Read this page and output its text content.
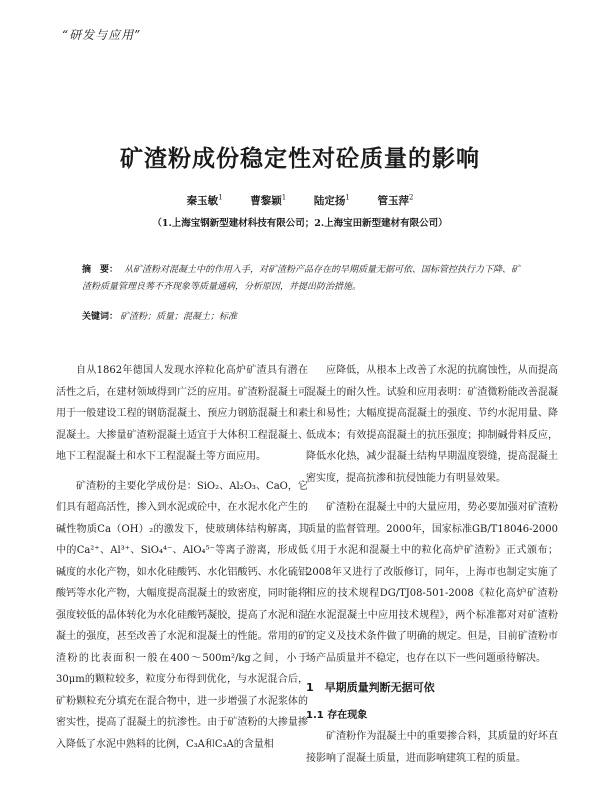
“研发与应用”
矿渣粉成份稳定性对砼质量的影响
秦玉敏$^1$	曹黎颖$^1$	陆定扬$^1$	管玉萍$^2$
（1.上海宝钢新型建材科技有限公司；2.上海宝田新型建材有限公司）
摘　要： 从矿渣粉对混凝土中的作用入手，对矿渣粉产品存在的早期质量无据可依、国标管控执行力下降、矿渣粉质量管理良莠不齐现象等质量通病，分析原因，并提出防治措施。
关键词： 矿渣粉；质量；混凝土；标准

自从1862年德国人发现水淬粒化高炉矿渣具有潜在活性之后，在建材领域得到广泛的应用。矿渣粉混凝土可用于一般建设工程的钢筋混凝土、预应力钢筋混凝土和素混凝土。大掺量矿渣粉混凝土适宜于大体积工程混凝土、地下工程混凝土和水下工程混凝土等方面应用。

矿渣粉的主要化学成份是：SiO₂、Al₂O₃、CaO，它们具有超高活性，掺入到水泥或砼中，在水泥水化产生的碱性物质Ca（OH）₂的激发下，使玻璃体结构解离，其中的Ca²⁺、Al³⁺、SiO₄⁴⁻、AlO₄⁵⁻等离子游离，形成低碱度的水化产物，如水化硅酸钙、水化铝酸钙、水化硫铝酸钙等水化产物，大幅度提高混凝土的致密度，同时能将强度较低的晶体转化为水化硅酸钙凝胶，提高了水泥和混凝土的强度，甚至改善了水泥和混凝土的性能。常用的矿渣粉的比表面积一般在400～500m²/kg之间，小于30μm的颗粒较多，粒度分布得到优化，与水泥混合后，矿粉颗粒充分填充在混合物中，进一步增强了水泥浆体的密实性，提高了混凝土的抗渗性。由于矿渣粉的大掺量掺入降低了水泥中熟料的比例，C₃A和C₃A的含量相

应降低，从根本上改善了水泥的抗腐蚀性，从而提高混凝土的耐久性。试验和应用表明：矿渣微粉能改善混凝土和易性；大幅度提高混凝土的强度、节约水泥用量、降低成本；有效提高混凝土的抗压强度；抑制碱骨料反应，降低水化热，减少混凝土结构早期温度裂缝，提高混凝土密实度，提高抗渗和抗侵蚀能力有明显效果。

矿渣粉在混凝土中的大量应用，势必要加强对矿渣粉质量的监督管理。2000年，国家标准GB/T18046-2000《用于水泥和混凝土中的粒化高炉矿渣粉》正式颁布；2008年又进行了改版修订，同年，上海市也制定实施了相应的技术规程DG/TJ08-501-2008《粒化高炉矿渣粉在水泥混凝土中应用技术规程》，两个标准都对对矿渣粉的定义及技术条件做了明确的规定。但是，目前矿渣粉市场产品质量并不稳定，也存在以下一些问题亟待解决。

1　早期质量判断无据可依
1.1 存在现象

矿渣粉作为混凝土中的重要掺合料，其质量的好坏直接影响了混凝土质量，进而影响建筑工程的质量。
